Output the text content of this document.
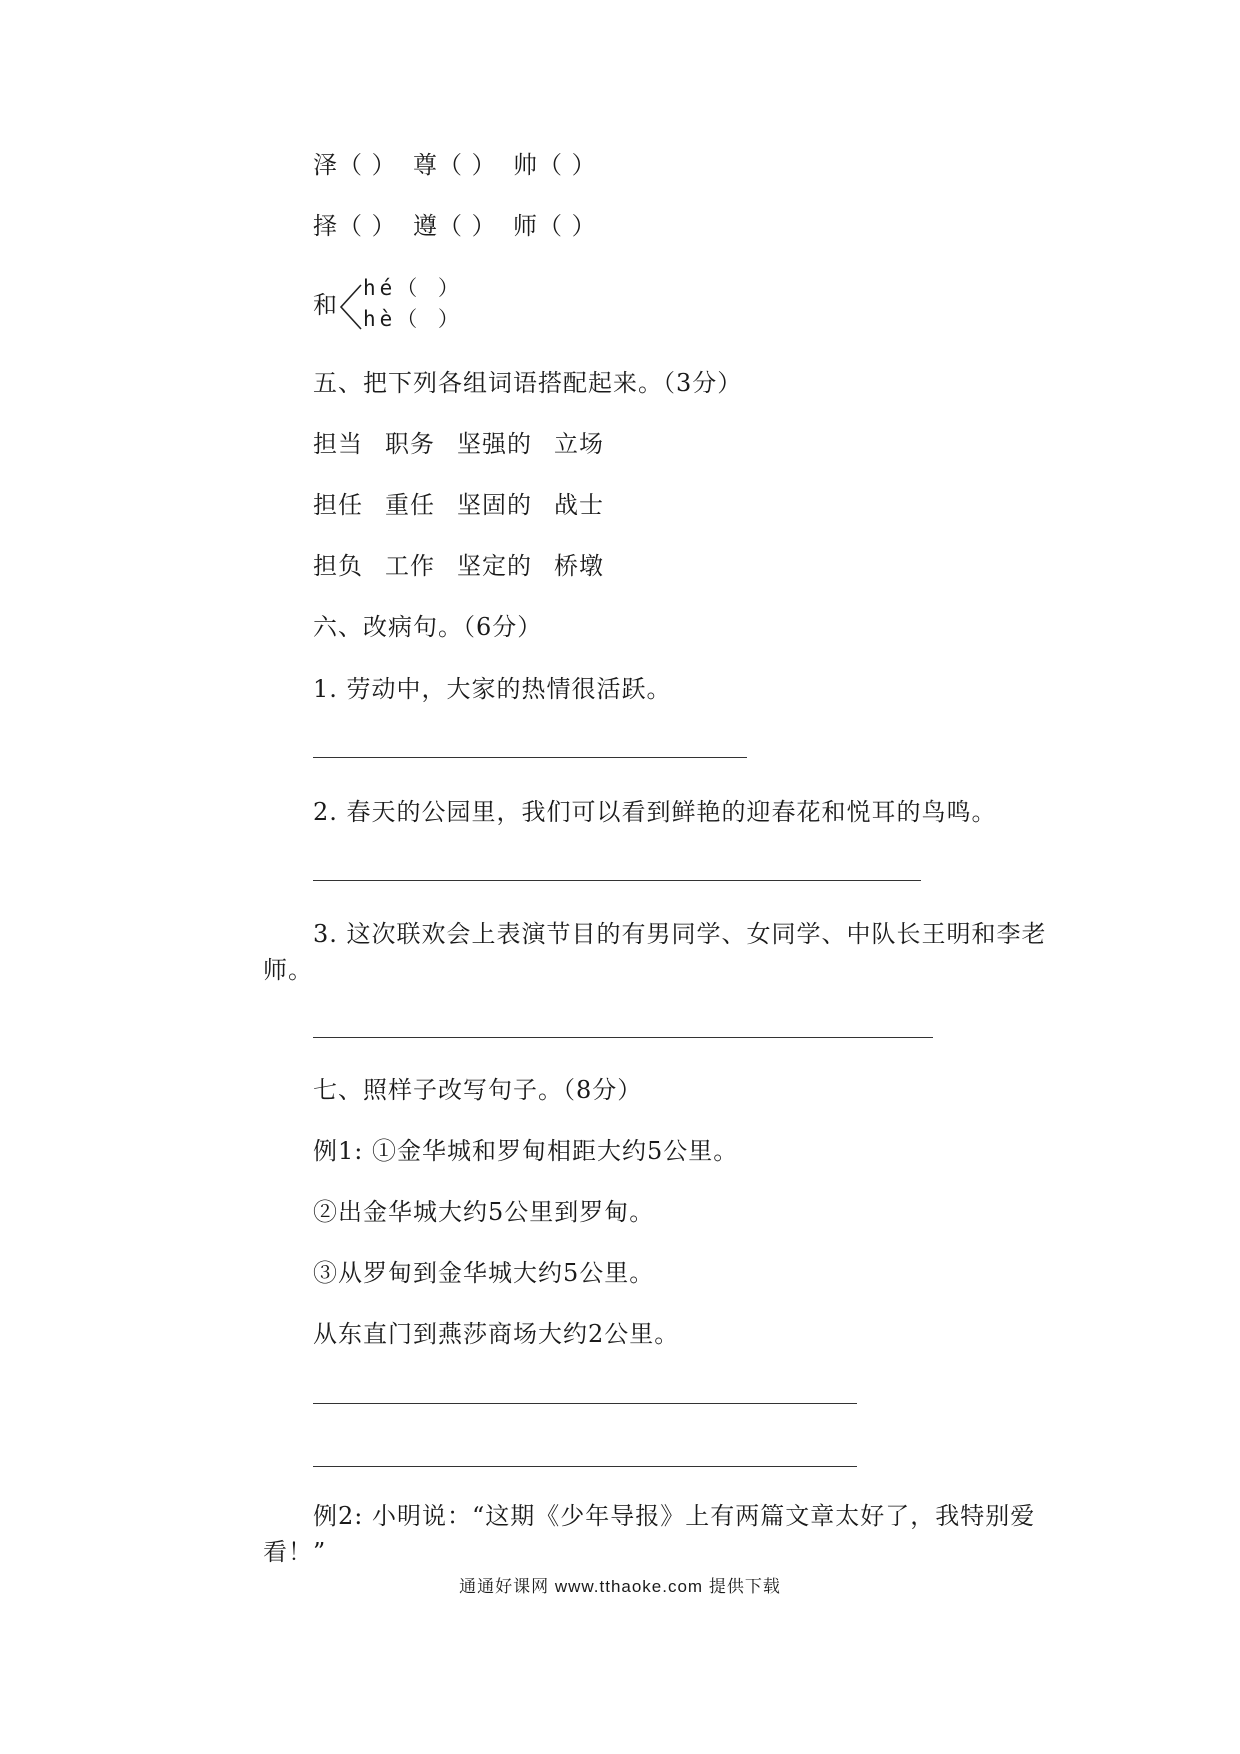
泽（ ） 尊（ ） 帅（ ）
择（ ） 遵（ ） 师（ ）
和
hé（ ）
hè（ ）
五、把下列各组词语搭配起来。（3分）
担当 职务 坚强的 立场
担任 重任 坚固的 战士
担负 工作 坚定的 桥墩
六、改病句。（6分）
1. 劳动中，大家的热情很活跃。
2. 春天的公园里，我们可以看到鲜艳的迎春花和悦耳的鸟鸣。
3. 这次联欢会上表演节目的有男同学、女同学、中队长王明和李老师。
七、照样子改写句子。（8分）
例1: ①金华城和罗甸相距大约5公里。
②出金华城大约5公里到罗甸。
③从罗甸到金华城大约5公里。
从东直门到燕莎商场大约2公里。
例2: 小明说：“这期《少年导报》上有两篇文章太好了，我特别爱看！”
通通好课网 www.tthaoke.com 提供下载
